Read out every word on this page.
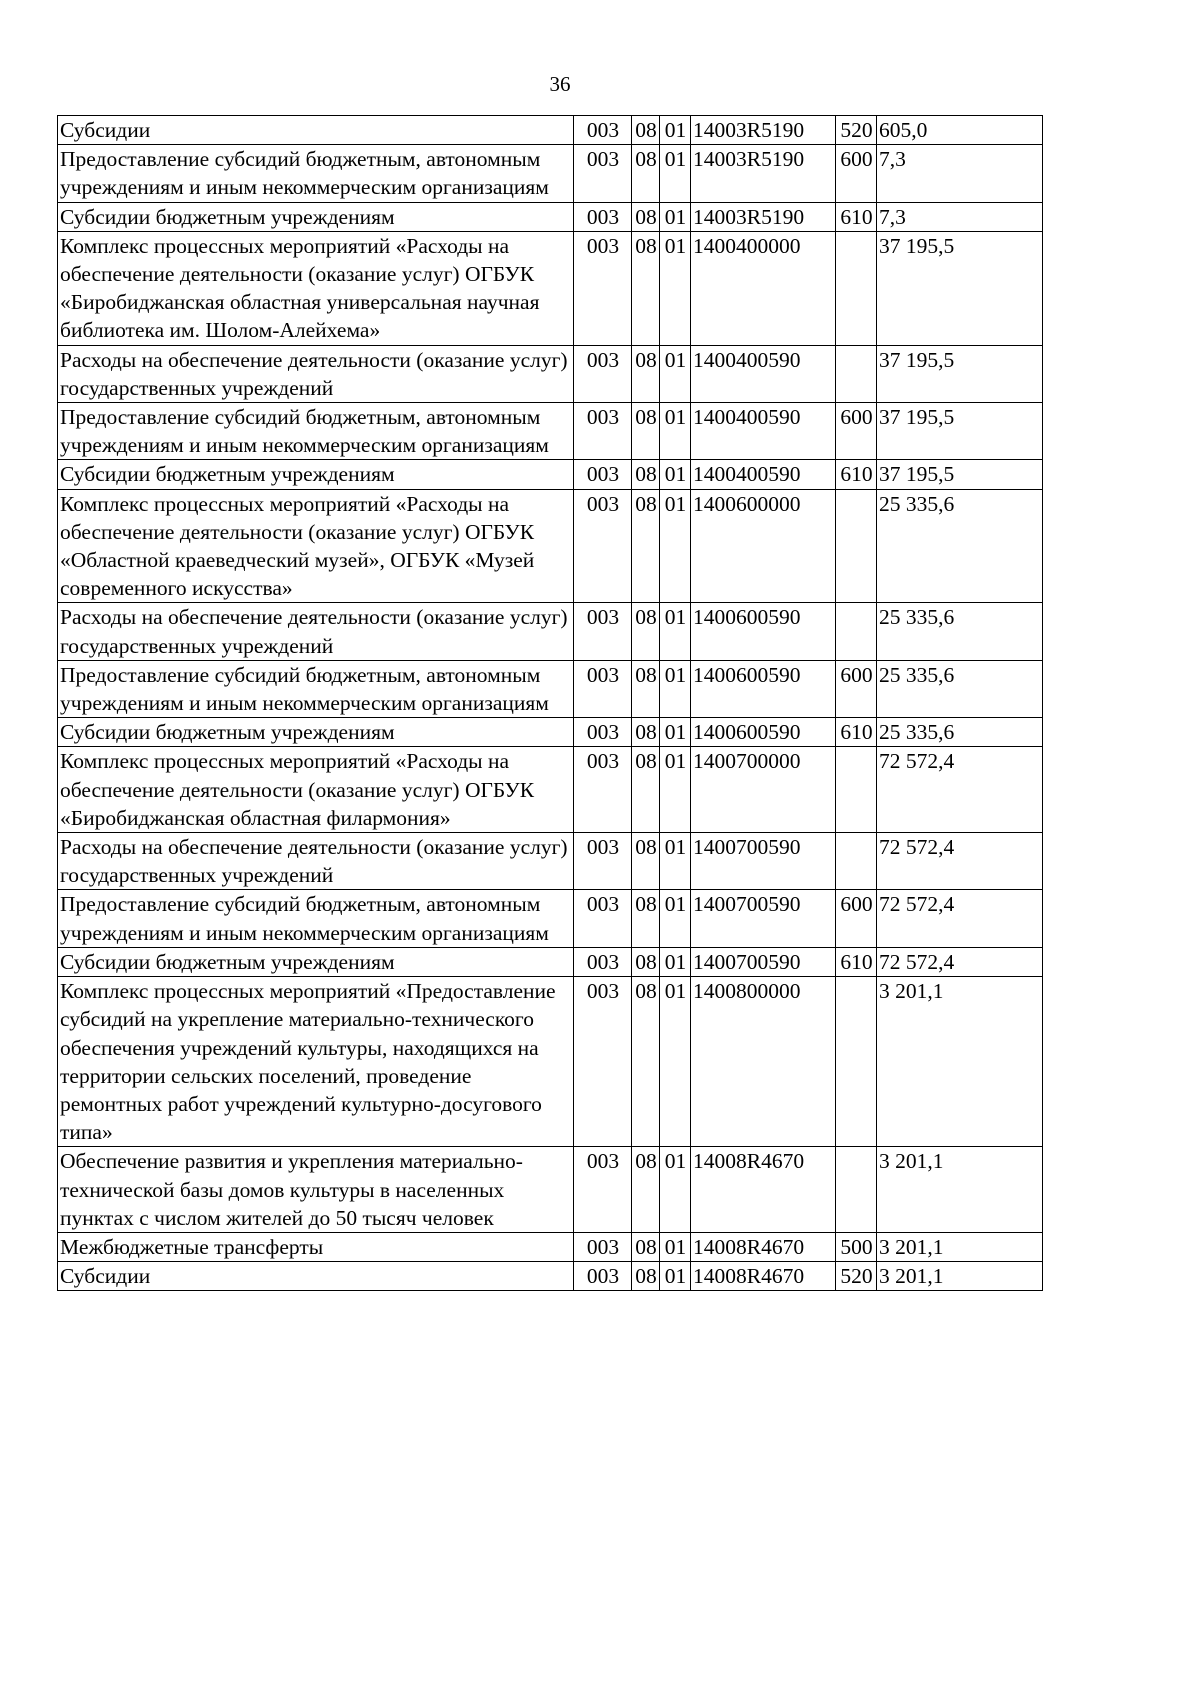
36
Субсидии	003	08	01	14003R5190	520	605,0
Предоставление субсидий бюджетным, автономным учреждениям и иным некоммерческим организациям	003	08	01	14003R5190	600	7,3
Субсидии бюджетным учреждениям	003	08	01	14003R5190	610	7,3
Комплекс процессных мероприятий «Расходы на обеспечение деятельности (оказание услуг) ОГБУК «Биробиджанская областная универсальная научная библиотека им. Шолом-Алейхема»	003	08	01	1400400000		37 195,5
Расходы на обеспечение деятельности (оказание услуг) государственных учреждений	003	08	01	1400400590		37 195,5
Предоставление субсидий бюджетным, автономным учреждениям и иным некоммерческим организациям	003	08	01	1400400590	600	37 195,5
Субсидии бюджетным учреждениям	003	08	01	1400400590	610	37 195,5
Комплекс процессных мероприятий «Расходы на обеспечение деятельности (оказание услуг) ОГБУК «Областной краеведческий музей», ОГБУК «Музей современного искусства»	003	08	01	1400600000		25 335,6
Расходы на обеспечение деятельности (оказание услуг) государственных учреждений	003	08	01	1400600590		25 335,6
Предоставление субсидий бюджетным, автономным учреждениям и иным некоммерческим организациям	003	08	01	1400600590	600	25 335,6
Субсидии бюджетным учреждениям	003	08	01	1400600590	610	25 335,6
Комплекс процессных мероприятий «Расходы на обеспечение деятельности (оказание услуг) ОГБУК «Биробиджанская областная филармония»	003	08	01	1400700000		72 572,4
Расходы на обеспечение деятельности (оказание услуг) государственных учреждений	003	08	01	1400700590		72 572,4
Предоставление субсидий бюджетным, автономным учреждениям и иным некоммерческим организациям	003	08	01	1400700590	600	72 572,4
Субсидии бюджетным учреждениям	003	08	01	1400700590	610	72 572,4
Комплекс процессных мероприятий «Предоставление субсидий на укрепление материально-технического обеспечения учреждений культуры, находящихся на территории сельских поселений, проведение ремонтных работ учреждений культурно-досугового типа»	003	08	01	1400800000		3 201,1
Обеспечение развития и укрепления материально-технической базы домов культуры в населенных пунктах с числом жителей до 50 тысяч человек	003	08	01	14008R4670		3 201,1
Межбюджетные трансферты	003	08	01	14008R4670	500	3 201,1
Субсидии	003	08	01	14008R4670	520	3 201,1
